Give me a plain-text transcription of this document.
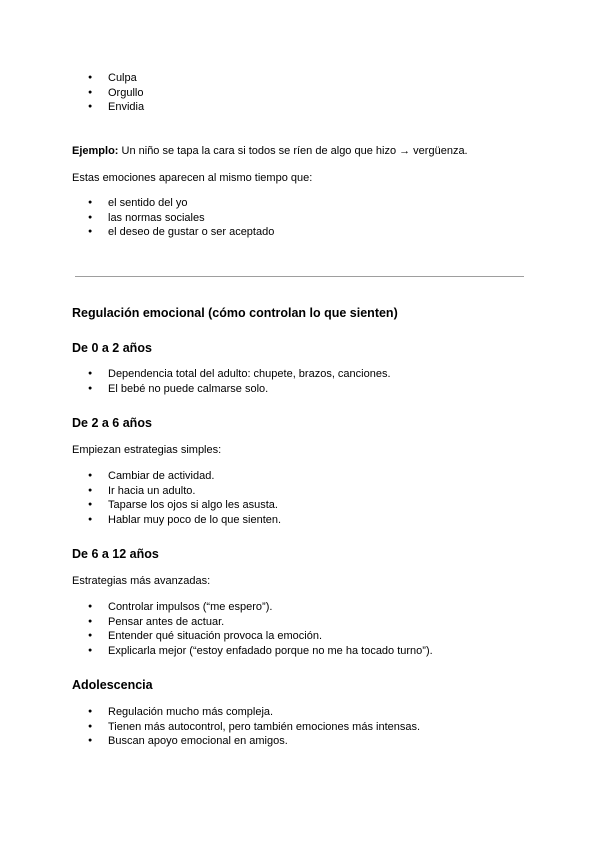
● Culpa
● Orgullo
● Envidia

Ejemplo: Un niño se tapa la cara si todos se ríen de algo que hizo → vergüenza.

Estas emociones aparecen al mismo tiempo que:

● el sentido del yo
● las normas sociales
● el deseo de gustar o ser aceptado
Regulación emocional (cómo controlan lo que sienten)
De 0 a 2 años
● Dependencia total del adulto: chupete, brazos, canciones.
● El bebé no puede calmarse solo.
De 2 a 6 años

Empiezan estrategias simples:

● Cambiar de actividad.
● Ir hacia un adulto.
● Taparse los ojos si algo les asusta.
● Hablar muy poco de lo que sienten.
De 6 a 12 años

Estrategias más avanzadas:

● Controlar impulsos (“me espero”).
● Pensar antes de actuar.
● Entender qué situación provoca la emoción.
● Explicarla mejor (“estoy enfadado porque no me ha tocado turno”).
Adolescencia
● Regulación mucho más compleja.
● Tienen más autocontrol, pero también emociones más intensas.
● Buscan apoyo emocional en amigos.
